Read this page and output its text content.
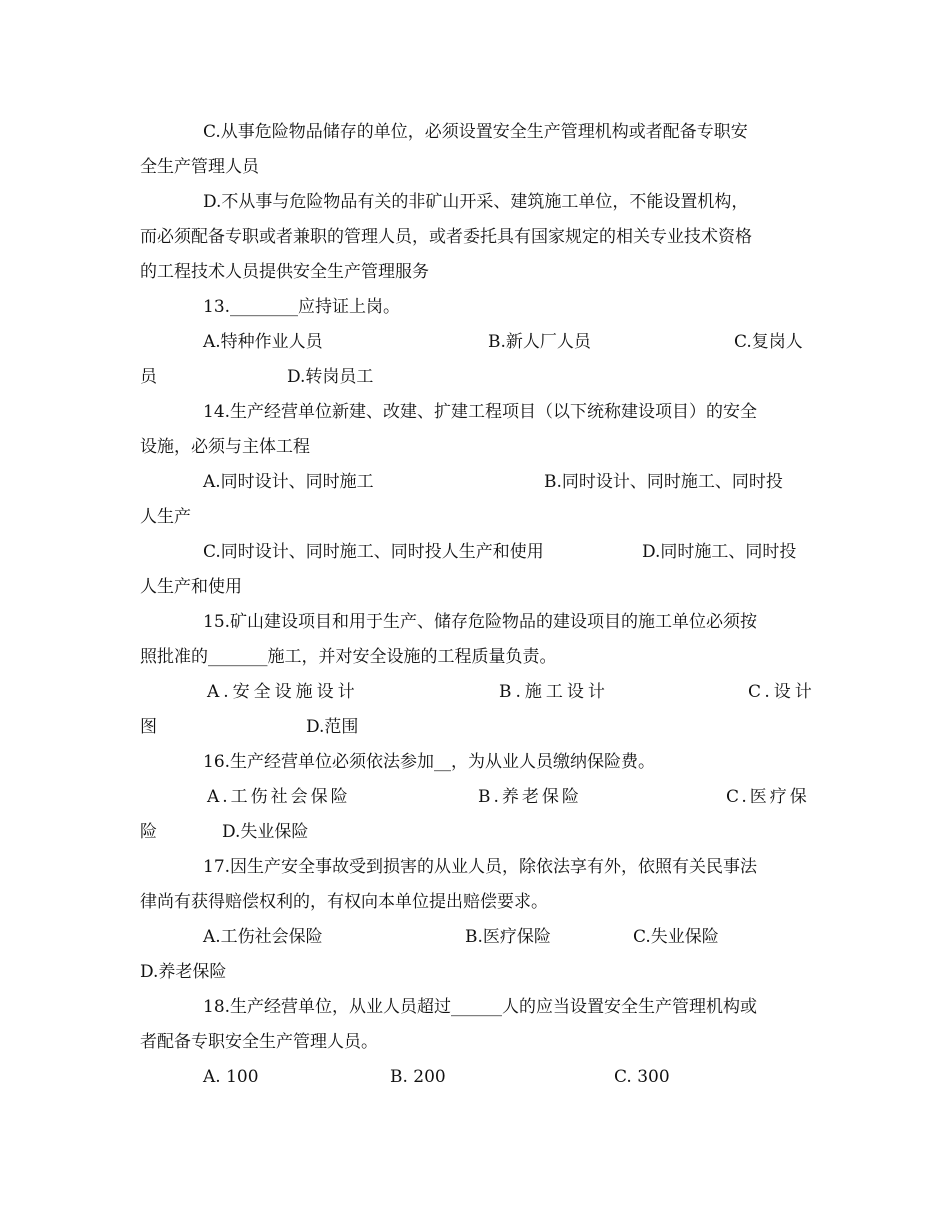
C.从事危险物品储存的单位，必须设置安全生产管理机构或者配备专职安
全生产管理人员
D.不从事与危险物品有关的非矿山开采、建筑施工单位，不能设置机构，
而必须配备专职或者兼职的管理人员，或者委托具有国家规定的相关专业技术资格
的工程技术人员提供安全生产管理服务
13.________应持证上岗。
A.特种作业人员	B.新人厂人员	C.复岗人
员	D.转岗员工
14.生产经营单位新建、改建、扩建工程项目（以下统称建设项目）的安全
设施，必须与主体工程
A.同时设计、同时施工	B.同时设计、同时施工、同时投
人生产
C.同时设计、同时施工、同时投人生产和使用	D.同时施工、同时投
人生产和使用
15.矿山建设项目和用于生产、储存危险物品的建设项目的施工单位必须按
照批准的_______施工，并对安全设施的工程质量负责。
A.安全设施设计	B.施工设计	C.设计
图	D.范围
16.生产经营单位必须依法参加__，为从业人员缴纳保险费。
A.工伤社会保险	B.养老保险	C.医疗保
险	D.失业保险
17.因生产安全事故受到损害的从业人员，除依法享有外，依照有关民事法
律尚有获得赔偿权利的，有权向本单位提出赔偿要求。
A.工伤社会保险	B.医疗保险	C.失业保险
D.养老保险
18.生产经营单位，从业人员超过______人的应当设置安全生产管理机构或
者配备专职安全生产管理人员。
A. 100	B. 200	C. 300
